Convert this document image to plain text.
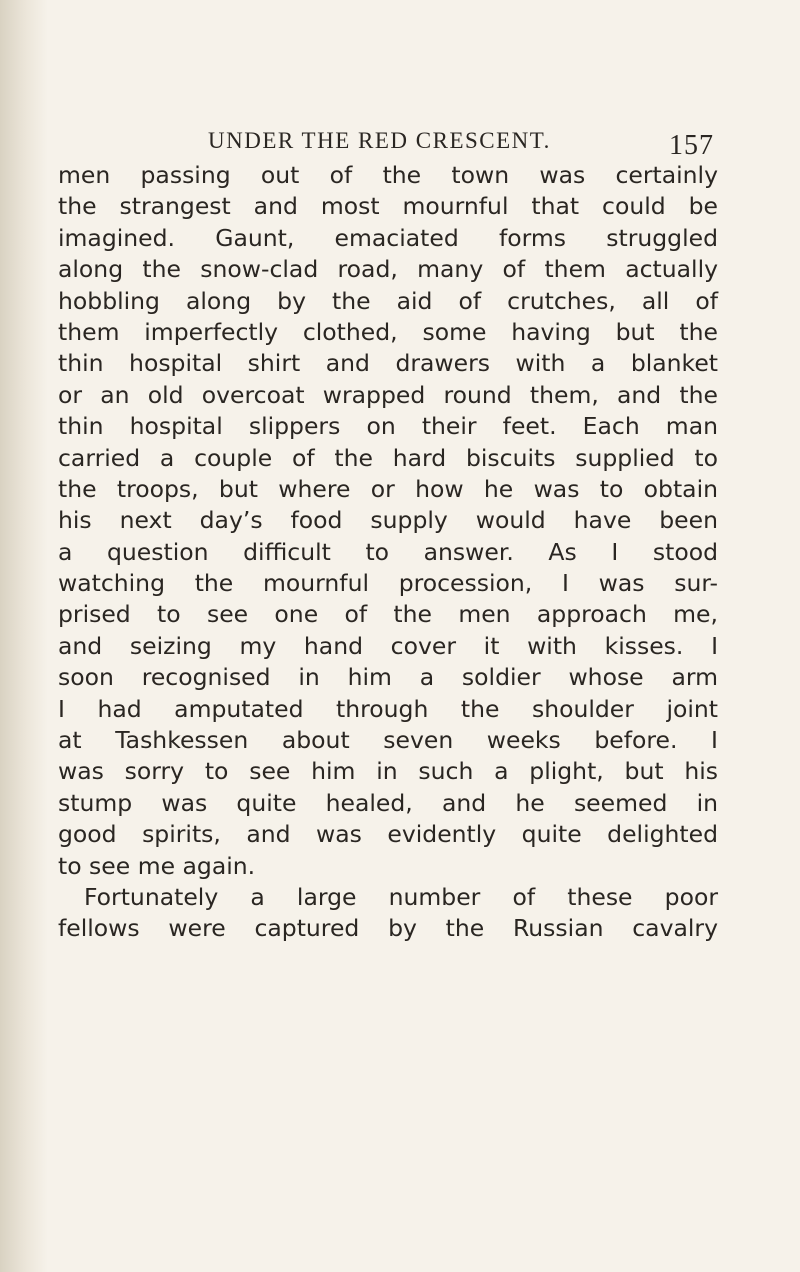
UNDER THE RED CRESCENT.	157
men passing out of the town was certainly
the strangest and most mournful that could be
imagined. Gaunt, emaciated forms struggled
along the snow-clad road, many of them actually
hobbling along by the aid of crutches, all of
them imperfectly clothed, some having but the
thin hospital shirt and drawers with a blanket
or an old overcoat wrapped round them, and the
thin hospital slippers on their feet. Each man
carried a couple of the hard biscuits supplied to
the troops, but where or how he was to obtain
his next day’s food supply would have been
a question difficult to answer. As I stood
watching the mournful procession, I was sur-
prised to see one of the men approach me,
and seizing my hand cover it with kisses. I
soon recognised in him a soldier whose arm
I had amputated through the shoulder joint
at Tashkessen about seven weeks before. I
was sorry to see him in such a plight, but his
stump was quite healed, and he seemed in
good spirits, and was evidently quite delighted
to see me again.
Fortunately a large number of these poor
fellows were captured by the Russian cavalry
